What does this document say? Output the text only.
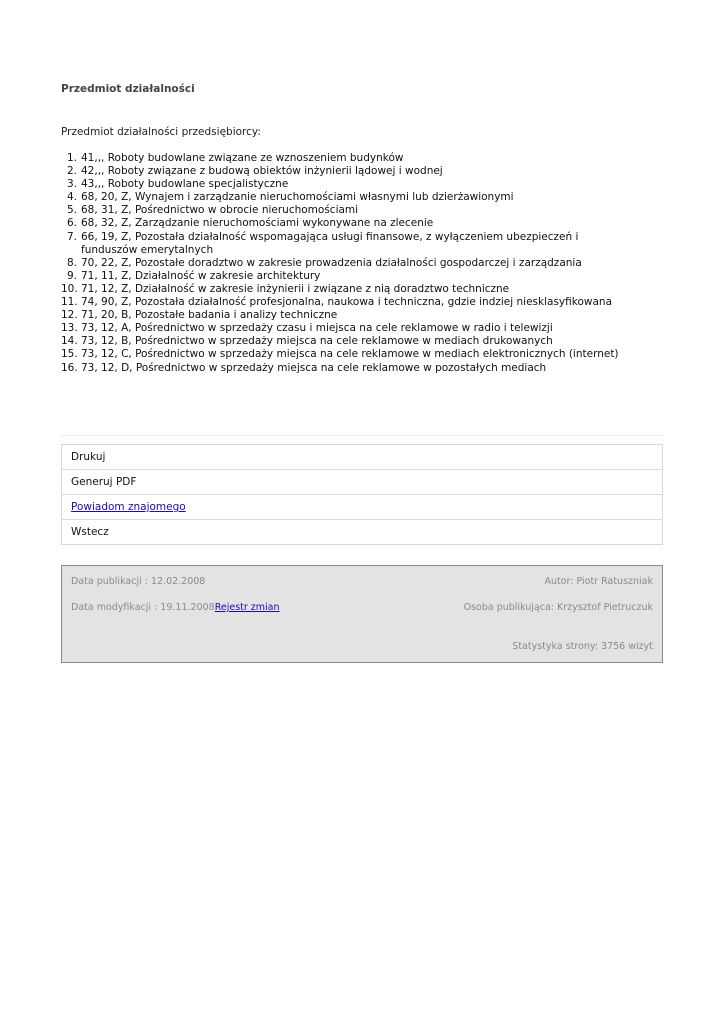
Przedmiot działalności
Przedmiot działalności przedsiębiorcy:
1. 41,,, Roboty budowlane związane ze wznoszeniem budynków
2. 42,,, Roboty związane z budową obiektów inżynierii lądowej i wodnej
3. 43,,, Roboty budowlane specjalistyczne
4. 68, 20, Z, Wynajem i zarządzanie nieruchomościami własnymi lub dzierżawionymi
5. 68, 31, Z, Pośrednictwo w obrocie nieruchomościami
6. 68, 32, Z, Zarządzanie nieruchomościami wykonywane na zlecenie
7. 66, 19, Z, Pozostała działalność wspomagająca usługi finansowe, z wyłączeniem ubezpieczeń i funduszów emerytalnych
8. 70, 22, Z, Pozostałe doradztwo w zakresie prowadzenia działalności gospodarczej i zarządzania
9. 71, 11, Z, Działalność w zakresie architektury
10. 71, 12, Z, Działalność w zakresie inżynierii i związane z nią doradztwo techniczne
11. 74, 90, Z, Pozostała działalność profesjonalna, naukowa i techniczna, gdzie indziej niesklasyfikowana
12. 71, 20, B, Pozostałe badania i analizy techniczne
13. 73, 12, A, Pośrednictwo w sprzedaży czasu i miejsca na cele reklamowe w radio i telewizji
14. 73, 12, B, Pośrednictwo w sprzedaży miejsca na cele reklamowe w mediach drukowanych
15. 73, 12, C, Pośrednictwo w sprzedaży miejsca na cele reklamowe w mediach elektronicznych (internet)
16. 73, 12, D, Pośrednictwo w sprzedaży miejsca na cele reklamowe w pozostałych mediach
Drukuj
Generuj PDF
Powiadom znajomego
Wstecz
Data publikacji : 12.02.2008	Autor: Piotr Ratuszniak
Data modyfikacji : 19.11.2008Rejestr zmian	Osoba publikująca: Krzysztof Pietruczuk
Statystyka strony: 3756 wizyt
